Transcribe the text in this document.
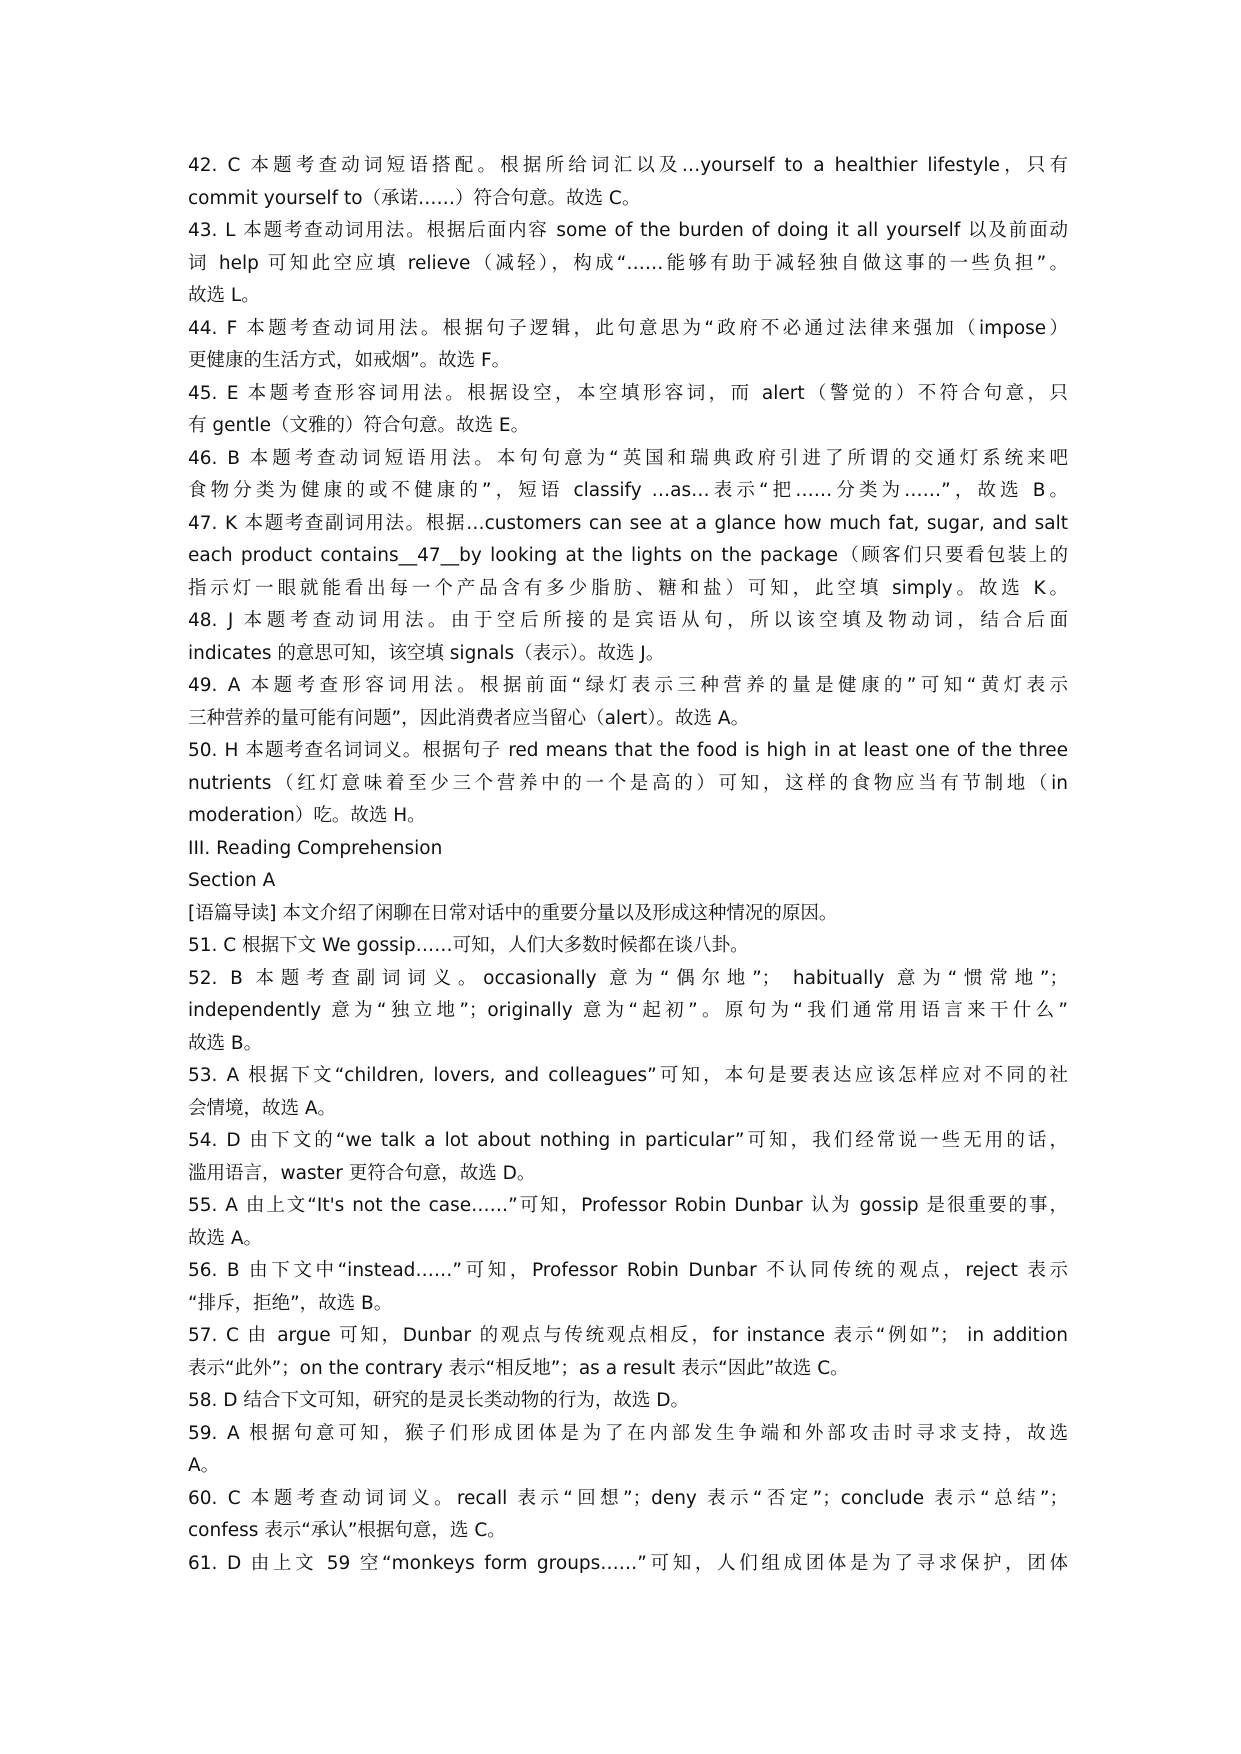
42. C 本题考查动词短语搭配。根据所给词汇以及…yourself to a healthier lifestyle，只有
commit yourself to（承诺……）符合句意。故选 C。
43. L 本题考查动词用法。根据后面内容 some of the burden of doing it all yourself 以及前面动
词 help 可知此空应填 relieve（减轻），构成“……能够有助于减轻独自做这事的一些负担”。
故选 L。
44. F 本题考查动词用法。根据句子逻辑，此句意思为“政府不必通过法律来强加（impose）
更健康的生活方式，如戒烟”。故选 F。
45. E 本题考查形容词用法。根据设空，本空填形容词，而 alert（警觉的）不符合句意，只
有 gentle（文雅的）符合句意。故选 E。
46. B 本题考查动词短语用法。本句句意为“英国和瑞典政府引进了所谓的交通灯系统来吧
食物分类为健康的或不健康的”，短语 classify …as…表示“把……分类为……”，故选 B。
47. K 本题考查副词用法。根据…customers can see at a glance how much fat, sugar, and salt
each product contains__47__by looking at the lights on the package（顾客们只要看包装上的
指示灯一眼就能看出每一个产品含有多少脂肪、糖和盐）可知，此空填 simply。故选 K。
48. J 本题考查动词用法。由于空后所接的是宾语从句，所以该空填及物动词，结合后面
indicates 的意思可知，该空填 signals（表示）。故选 J。
49. A 本题考查形容词用法。根据前面“绿灯表示三种营养的量是健康的”可知“黄灯表示
三种营养的量可能有问题”，因此消费者应当留心（alert）。故选 A。
50. H 本题考查名词词义。根据句子 red means that the food is high in at least one of the three
nutrients（红灯意味着至少三个营养中的一个是高的）可知，这样的食物应当有节制地（in
moderation）吃。故选 H。
III. Reading Comprehension
Section A
[语篇导读] 本文介绍了闲聊在日常对话中的重要分量以及形成这种情况的原因。
51. C 根据下文 We gossip……可知，人们大多数时候都在谈八卦。
52. B 本题考查副词词义。occasionally 意为“偶尔地”； habitually 意为“惯常地”；
independently 意为“独立地”；originally 意为“起初”。原句为“我们通常用语言来干什么”
故选 B。
53. A 根据下文“children, lovers, and colleagues”可知，本句是要表达应该怎样应对不同的社
会情境，故选 A。
54. D 由下文的“we talk a lot about nothing in particular”可知，我们经常说一些无用的话，
滥用语言，waster 更符合句意，故选 D。
55. A 由上文“It's not the case……”可知，Professor Robin Dunbar 认为 gossip 是很重要的事，
故选 A。
56. B 由下文中“instead……”可知，Professor Robin Dunbar 不认同传统的观点，reject 表示
“排斥，拒绝”，故选 B。
57. C 由 argue 可知，Dunbar 的观点与传统观点相反，for instance 表示“例如”； in addition
表示“此外”；on the contrary 表示“相反地”；as a result 表示“因此”故选 C。
58. D 结合下文可知，研究的是灵长类动物的行为，故选 D。
59. A 根据句意可知，猴子们形成团体是为了在内部发生争端和外部攻击时寻求支持，故选
A。
60. C 本题考查动词词义。recall 表示“回想”；deny 表示“否定”；conclude 表示“总结”；
confess 表示“承认”根据句意，选 C。
61. D 由上文 59 空“monkeys form groups……”可知，人们组成团体是为了寻求保护，团体
